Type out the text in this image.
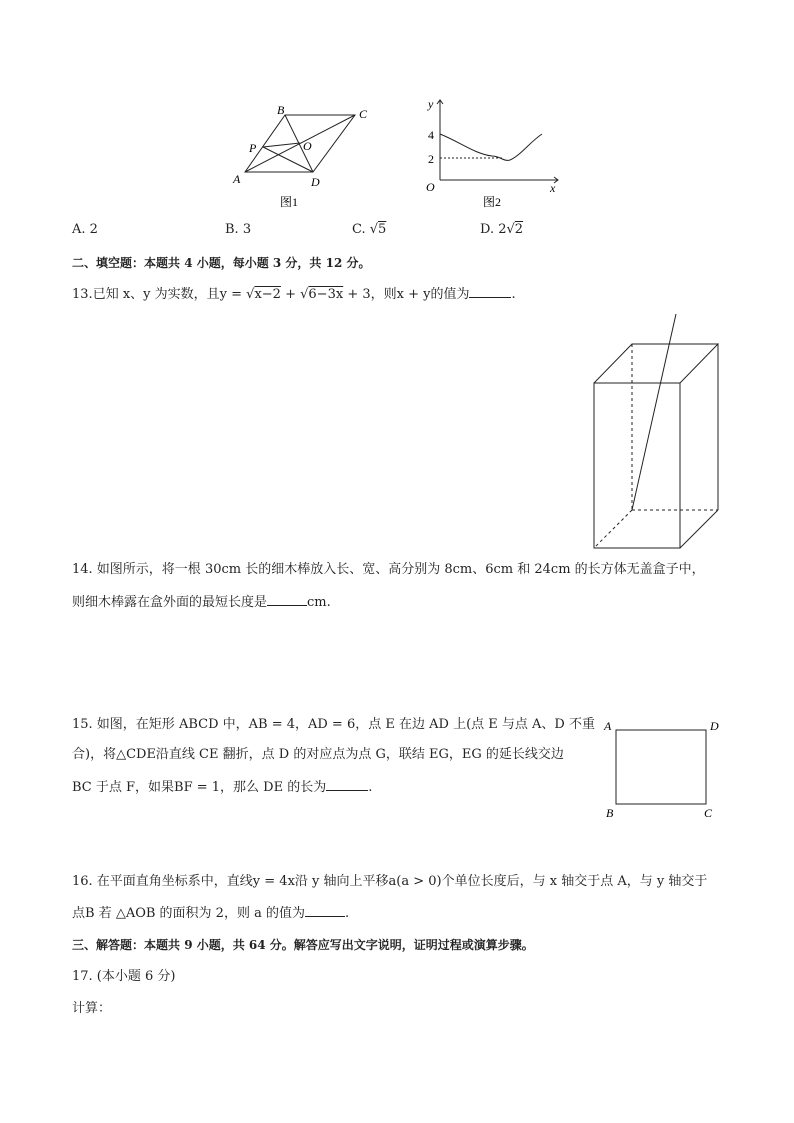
A
B	C
D
P	O
图1
y
x
O
4
2
图2
A. 2	B. 3	C. √5	D. 2√2
二、填空题：本题共 4 小题，每小题 3 分，共 12 分。
13.已知 x、y 为实数，且y = √x−2 + √6−3x + 3，则x + y的值为	.
14. 如图所示，将一根 30cm 长的细木棒放入长、宽、高分别为 8cm、6cm 和 24cm 的长方体无盖盒子中，
则细木棒露在盒外面的最短长度是	cm.
15. 如图，在矩形 ABCD 中，AB = 4，AD = 6，点 E 在边 AD 上(点 E 与点 A、D 不重
合)，将△CDE沿直线 CE 翻折，点 D 的对应点为点 G，联结 EG，EG 的延长线交边
BC 于点 F，如果BF = 1，那么 DE 的长为	.
A	D
B	C
16. 在平面直角坐标系中，直线y = 4x沿 y 轴向上平移a(a > 0)个单位长度后，与 x 轴交于点 A，与 y 轴交于
点B 若 △AOB 的面积为 2，则 a 的值为	.
三、解答题：本题共 9 小题，共 64 分。解答应写出文字说明，证明过程或演算步骤。
17. (本小题 6 分)
计算：
